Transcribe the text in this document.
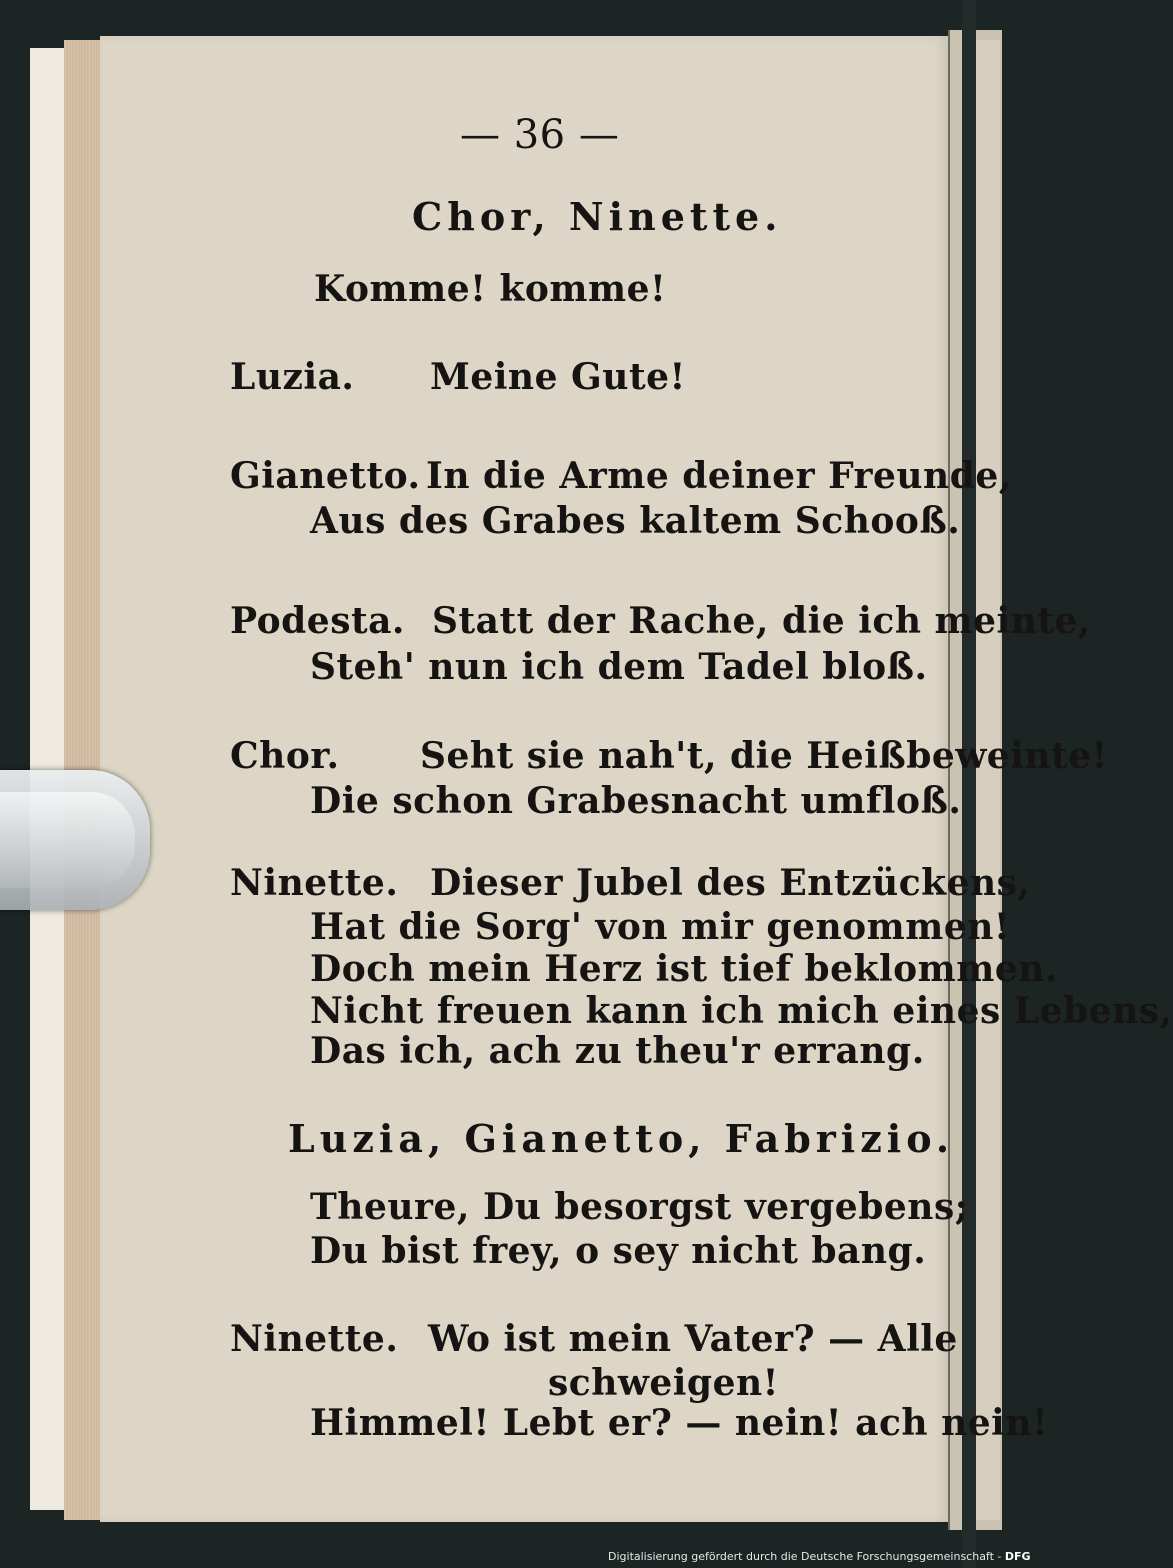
— 36 —
Chor, Ninette.
Komme! komme!
Luzia. Meine Gute!
Gianetto. In die Arme deiner Freunde,
Aus des Grabes kaltem Schooß.
Podesta. Statt der Rache, die ich meinte,
Steh' nun ich dem Tadel bloß.
Chor. Seht sie nah't, die Heißbeweinte!
Die schon Grabesnacht umfloß.
Ninette. Dieser Jubel des Entzückens,
Hat die Sorg' von mir genommen!
Doch mein Herz ist tief beklommen.
Nicht freuen kann ich mich eines Lebens,
Das ich, ach zu theu'r errang.
Luzia, Gianetto, Fabrizio.
Theure, Du besorgst vergebens;
Du bist frey, o sey nicht bang.
Ninette. Wo ist mein Vater? — Alle
schweigen!
Himmel! Lebt er? — nein! ach nein!
Digitalisierung gefördert durch die Deutsche Forschungsgemeinschaft - DFG
